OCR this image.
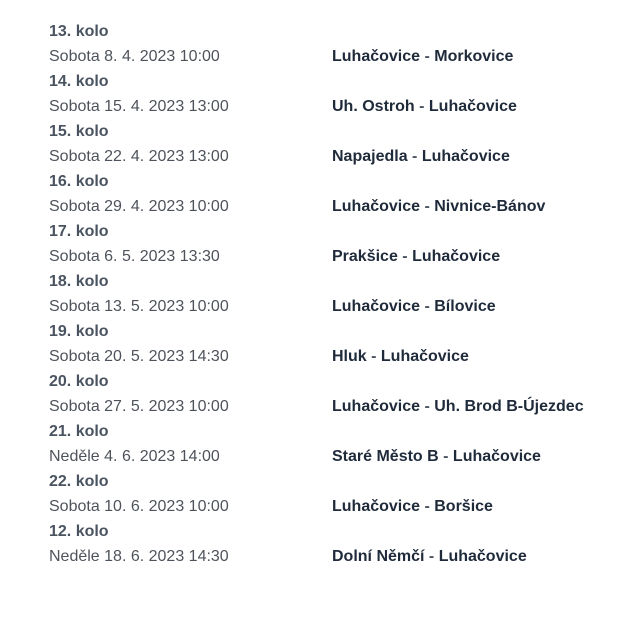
13. kolo
Sobota 8. 4. 2023 10:00	Luhačovice - Morkovice
14. kolo
Sobota 15. 4. 2023 13:00	Uh. Ostroh - Luhačovice
15. kolo
Sobota 22. 4. 2023 13:00	Napajedla - Luhačovice
16. kolo
Sobota 29. 4. 2023 10:00	Luhačovice - Nivnice-Bánov
17. kolo
Sobota 6. 5. 2023 13:30	Prakšice - Luhačovice
18. kolo
Sobota 13. 5. 2023 10:00	Luhačovice - Bílovice
19. kolo
Sobota 20. 5. 2023 14:30	Hluk - Luhačovice
20. kolo
Sobota 27. 5. 2023 10:00	Luhačovice - Uh. Brod B-Újezdec
21. kolo
Neděle 4. 6. 2023 14:00	Staré Město B - Luhačovice
22. kolo
Sobota 10. 6. 2023 10:00	Luhačovice - Boršice
12. kolo
Neděle 18. 6. 2023 14:30	Dolní Němčí - Luhačovice
